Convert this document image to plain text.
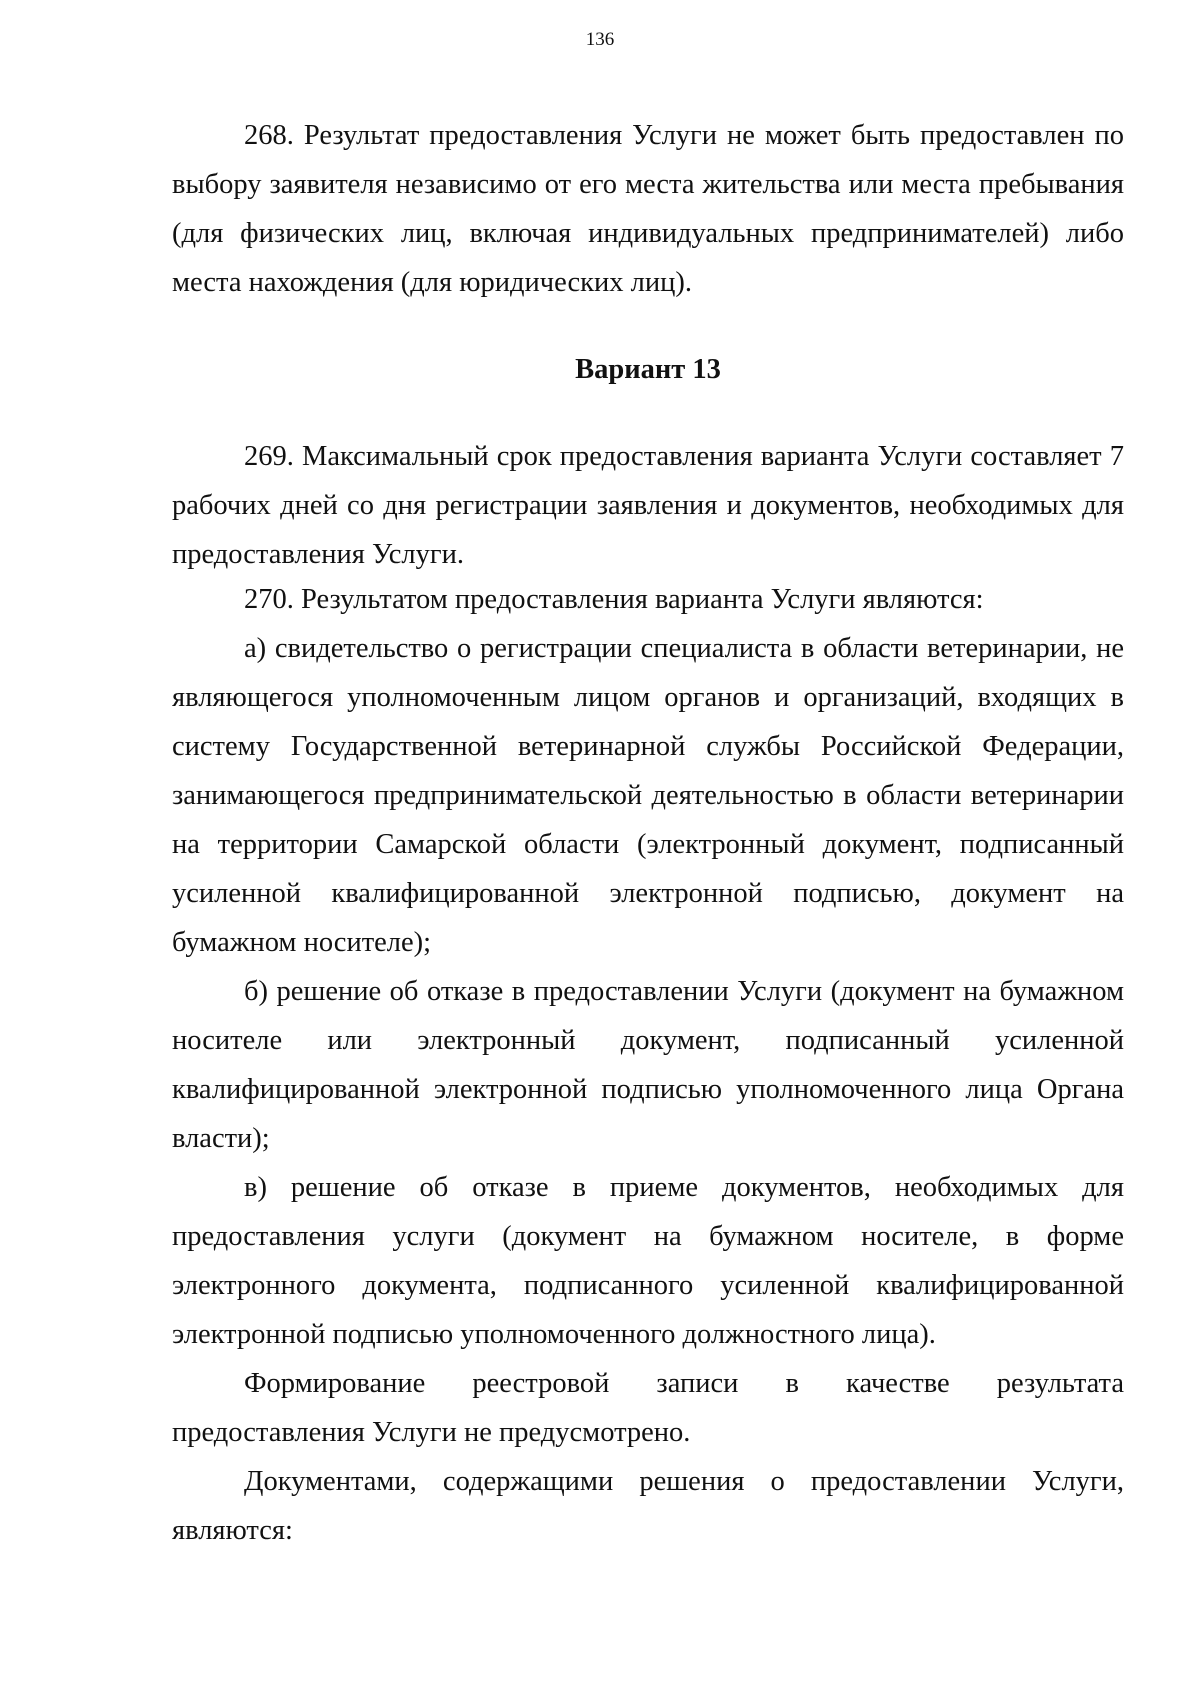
136

268. Результат предоставления Услуги не может быть предоставлен по выбору заявителя независимо от его места жительства или места пребывания (для физических лиц, включая индивидуальных предпринимателей) либо места нахождения (для юридических лиц).

Вариант 13

269. Максимальный срок предоставления варианта Услуги составляет 7 рабочих дней со дня регистрации заявления и документов, необходимых для предоставления Услуги.

270. Результатом предоставления варианта Услуги являются:

а) свидетельство о регистрации специалиста в области ветеринарии, не являющегося уполномоченным лицом органов и организаций, входящих в систему Государственной ветеринарной службы Российской Федерации, занимающегося предпринимательской деятельностью в области ветеринарии на территории Самарской области (электронный документ, подписанный усиленной квалифицированной электронной подписью, документ на бумажном носителе);

б) решение об отказе в предоставлении Услуги (документ на бумажном носителе или электронный документ, подписанный усиленной квалифицированной электронной подписью уполномоченного лица Органа власти);

в) решение об отказе в приеме документов, необходимых для предоставления услуги (документ на бумажном носителе, в форме электронного документа, подписанного усиленной квалифицированной электронной подписью уполномоченного должностного лица).

Формирование реестровой записи в качестве результата предоставления Услуги не предусмотрено.

Документами, содержащими решения о предоставлении Услуги, являются:
